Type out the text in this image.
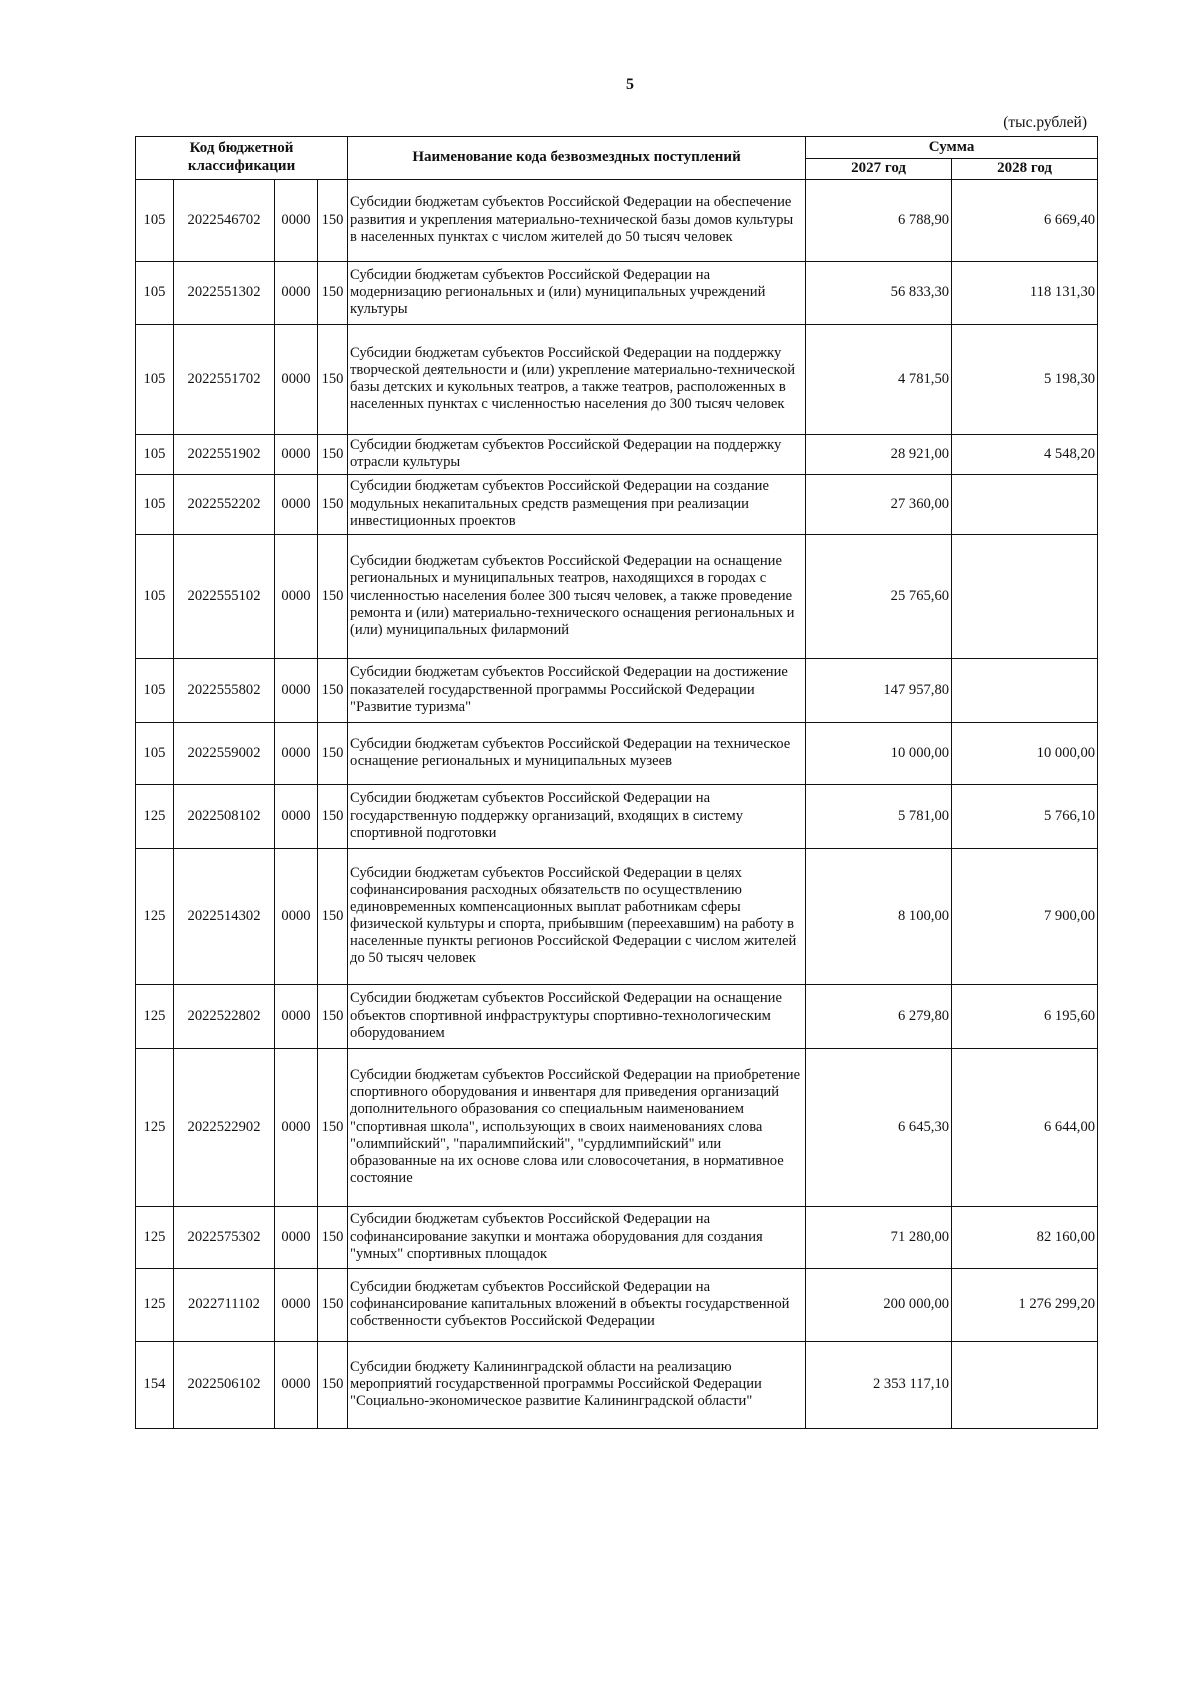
5
(тыс.рублей)
Код бюджетной классификации				Наименование кода безвозмездных поступлений	Сумма	
					2027 год	2028 год
105	2022546702	0000	150	Субсидии бюджетам субъектов Российской Федерации на обеспечение развития и укрепления материально-технической базы домов культуры в населенных пунктах с числом жителей до 50 тысяч человек	6 788,90	6 669,40
105	2022551302	0000	150	Субсидии бюджетам субъектов Российской Федерации на модернизацию региональных и (или) муниципальных учреждений культуры	56 833,30	118 131,30
105	2022551702	0000	150	Субсидии бюджетам субъектов Российской Федерации на поддержку творческой деятельности и (или) укрепление материально-технической базы детских и кукольных театров, а также театров, расположенных в населенных пунктах с численностью населения до 300 тысяч человек	4 781,50	5 198,30
105	2022551902	0000	150	Субсидии бюджетам субъектов Российской Федерации на поддержку отрасли культуры	28 921,00	4 548,20
105	2022552202	0000	150	Субсидии бюджетам субъектов Российской Федерации на создание модульных некапитальных средств размещения при реализации инвестиционных проектов	27 360,00	
105	2022555102	0000	150	Субсидии бюджетам субъектов Российской Федерации на оснащение региональных и муниципальных театров, находящихся в городах с численностью населения более 300 тысяч человек, а также проведение ремонта и (или) материально-технического оснащения региональных и (или) муниципальных филармоний	25 765,60	
105	2022555802	0000	150	Субсидии бюджетам субъектов Российской Федерации на достижение показателей государственной программы Российской Федерации "Развитие туризма"	147 957,80	
105	2022559002	0000	150	Субсидии бюджетам субъектов Российской Федерации на техническое оснащение региональных и муниципальных музеев	10 000,00	10 000,00
125	2022508102	0000	150	Субсидии бюджетам субъектов Российской Федерации на государственную поддержку организаций, входящих в систему спортивной подготовки	5 781,00	5 766,10
125	2022514302	0000	150	Субсидии бюджетам субъектов Российской Федерации в целях софинансирования расходных обязательств по осуществлению единовременных компенсационных выплат работникам сферы физической культуры и спорта, прибывшим (переехавшим) на работу в населенные пункты регионов Российской Федерации с числом жителей до 50 тысяч человек	8 100,00	7 900,00
125	2022522802	0000	150	Субсидии бюджетам субъектов Российской Федерации на оснащение объектов спортивной инфраструктуры спортивно-технологическим оборудованием	6 279,80	6 195,60
125	2022522902	0000	150	Субсидии бюджетам субъектов Российской Федерации на приобретение спортивного оборудования и инвентаря для приведения организаций дополнительного образования со специальным наименованием "спортивная школа", использующих в своих наименованиях слова "олимпийский", "паралимпийский", "сурдлимпийский" или образованные на их основе слова или словосочетания, в нормативное состояние	6 645,30	6 644,00
125	2022575302	0000	150	Субсидии бюджетам субъектов Российской Федерации на софинансирование закупки и монтажа оборудования для создания "умных" спортивных площадок	71 280,00	82 160,00
125	2022711102	0000	150	Субсидии бюджетам субъектов Российской Федерации на софинансирование капитальных вложений в объекты государственной собственности субъектов Российской Федерации	200 000,00	1 276 299,20
154	2022506102	0000	150	Субсидии бюджету Калининградской области на реализацию мероприятий государственной программы Российской Федерации "Социально-экономическое развитие Калининградской области"	2 353 117,10	
